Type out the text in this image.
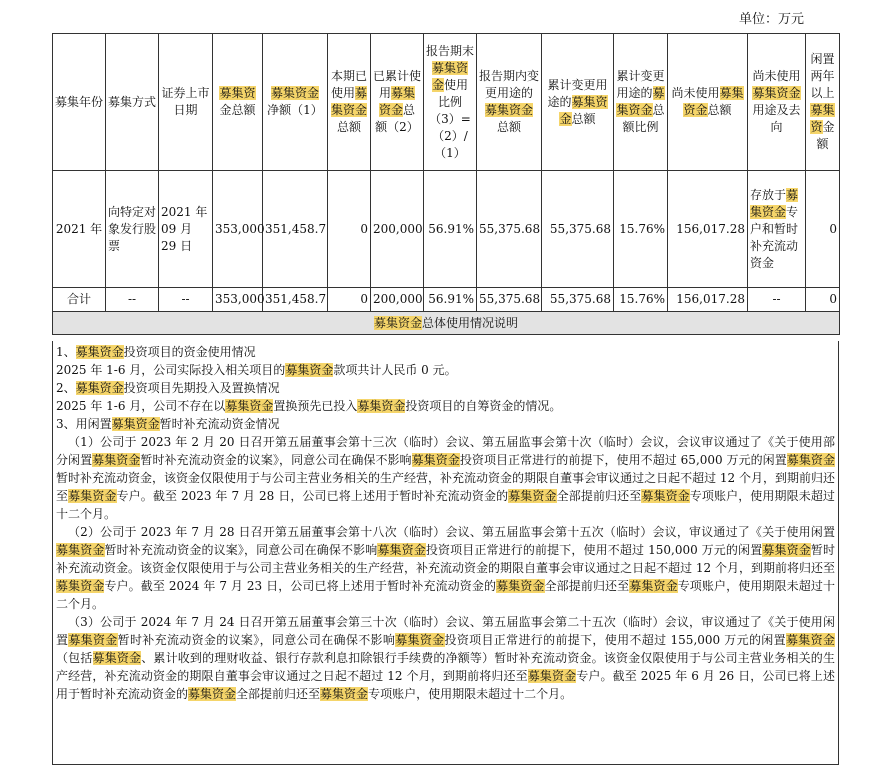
单位：万元
募集年份	募集方式	证券上市日期	募集资金总额	募集资金净额（1）	本期已使用募集资金总额	已累计使用募集资金总额（2）	报告期末募集资金使用比例（3）=（2）/（1）	报告期内变更用途的募集资金总额	累计变更用途的募集资金总额	累计变更用途的募集资金总额比例	尚未使用募集资金总额	尚未使用募集资金用途及去向	闲置两年以上募集资金额
2021 年	向特定对象发行股票	2021 年 09 月 29 日	353,000	351,458.7	0	200,000	56.91%	55,375.68	55,375.68	15.76%	156,017.28	存放于募集资金专户和暂时补充流动资金	0
合计	--	--	353,000	351,458.7	0	200,000	56.91%	55,375.68	55,375.68	15.76%	156,017.28	--	0
募集资金总体使用情况说明													

1、募集资金投资项目的资金使用情况

2025 年 1-6 月，公司实际投入相关项目的募集资金款项共计人民币 0 元。

2、募集资金投资项目先期投入及置换情况

2025 年 1-6 月，公司不存在以募集资金置换预先已投入募集资金投资项目的自筹资金的情况。

3、用闲置募集资金暂时补充流动资金情况

（1）公司于 2023 年 2 月 20 日召开第五届董事会第十三次（临时）会议、第五届监事会第十次（临时）会议，会议审议通过了《关于使用部分闲置募集资金暂时补充流动资金的议案》，同意公司在确保不影响募集资金投资项目正常进行的前提下，使用不超过 65,000 万元的闲置募集资金暂时补充流动资金，该资金仅限使用于与公司主营业务相关的生产经营，补充流动资金的期限自董事会审议通过之日起不超过 12 个月，到期前归还至募集资金专户。截至 2023 年 7 月 28 日，公司已将上述用于暂时补充流动资金的募集资金全部提前归还至募集资金专项账户，使用期限未超过十二个月。

（2）公司于 2023 年 7 月 28 日召开第五届董事会第十八次（临时）会议、第五届监事会第十五次（临时）会议，审议通过了《关于使用闲置募集资金暂时补充流动资金的议案》，同意公司在确保不影响募集资金投资项目正常进行的前提下，使用不超过 150,000 万元的闲置募集资金暂时补充流动资金。该资金仅限使用于与公司主营业务相关的生产经营，补充流动资金的期限自董事会审议通过之日起不超过 12 个月，到期前将归还至募集资金专户。截至 2024 年 7 月 23 日，公司已将上述用于暂时补充流动资金的募集资金全部提前归还至募集资金专项账户，使用期限未超过十二个月。

（3）公司于 2024 年 7 月 24 日召开第五届董事会第三十次（临时）会议、第五届监事会第二十五次（临时）会议，审议通过了《关于使用闲置募集资金暂时补充流动资金的议案》，同意公司在确保不影响募集资金投资项目正常进行的前提下，使用不超过 155,000 万元的闲置募集资金（包括募集资金、累计收到的理财收益、银行存款利息扣除银行手续费的净额等）暂时补充流动资金。该资金仅限使用于与公司主营业务相关的生产经营，补充流动资金的期限自董事会审议通过之日起不超过 12 个月，到期前将归还至募集资金专户。截至 2025 年 6 月 26 日，公司已将上述用于暂时补充流动资金的募集资金全部提前归还至募集资金专项账户，使用期限未超过十二个月。
